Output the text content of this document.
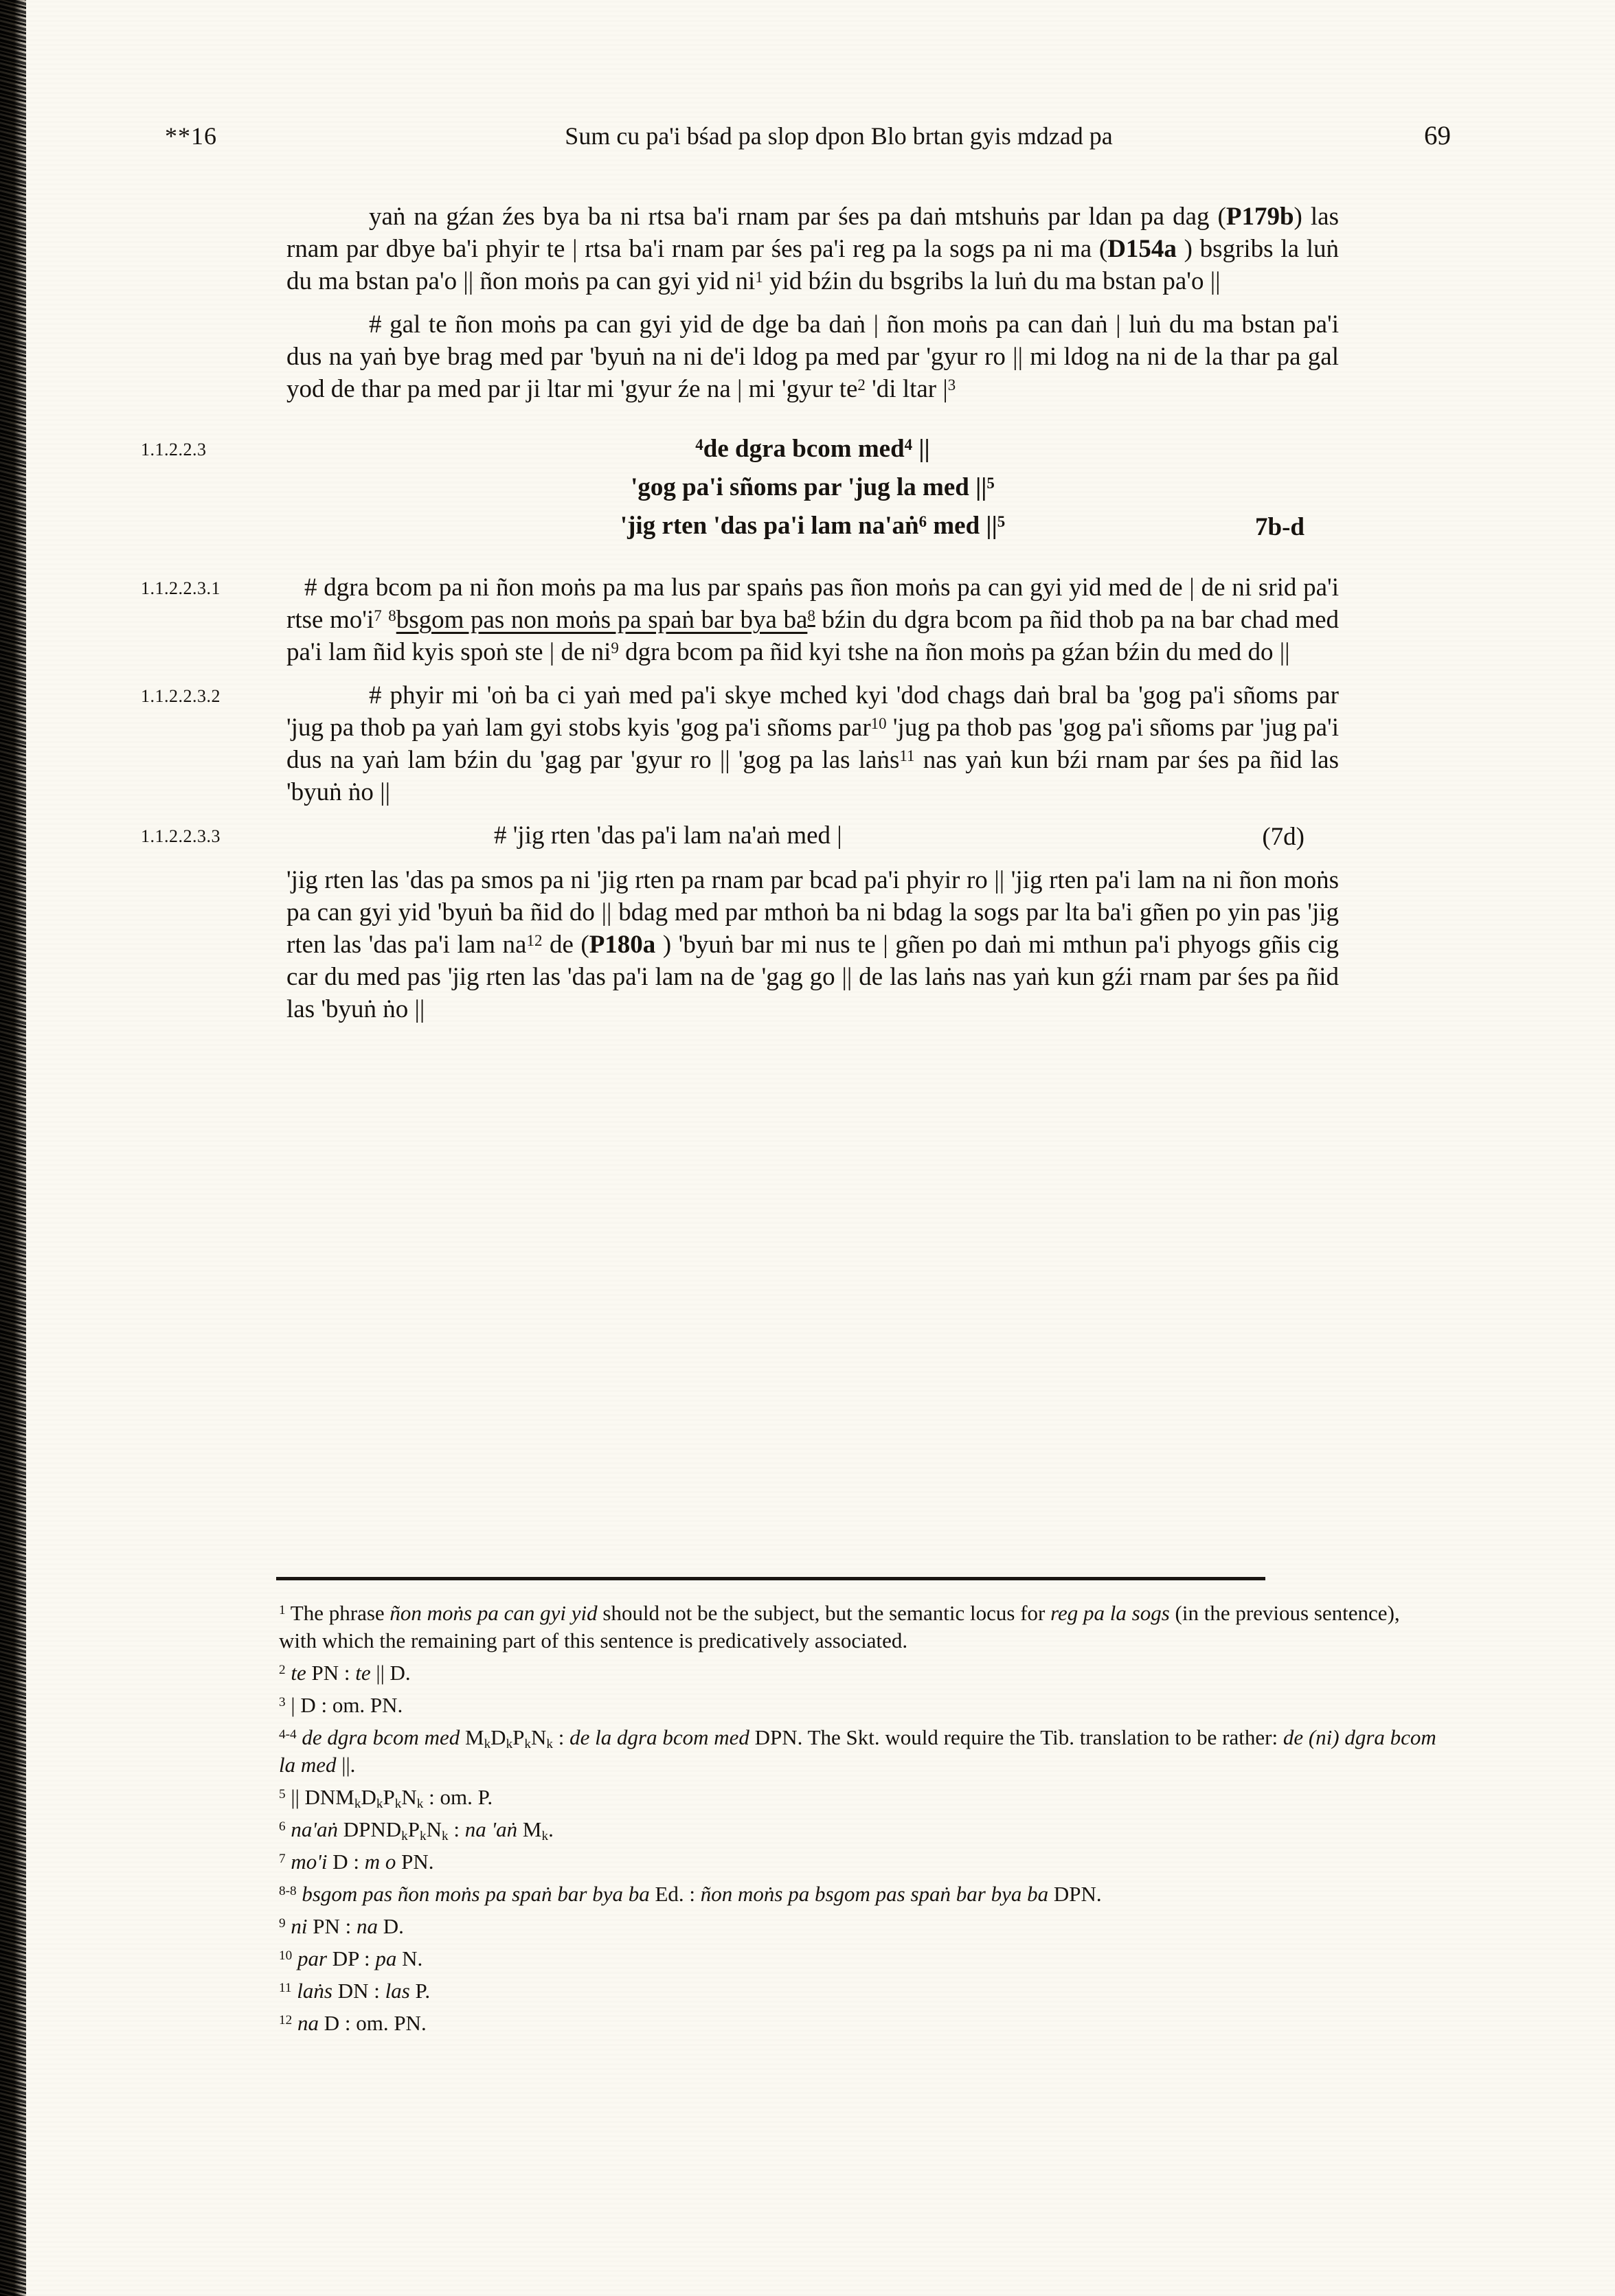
**16	Sum cu pa'i bśad pa slop dpon Blo brtan gyis mdzad pa	69

yaṅ na gźan źes bya ba ni rtsa ba'i rnam par śes pa daṅ mtshuṅs par ldan pa dag (P179b) las rnam par dbye ba'i phyir te | rtsa ba'i rnam par śes pa'i reg pa la sogs pa ni ma (D154a ) bsgribs la luṅ du ma bstan pa'o || ñon moṅs pa can gyi yid $ni^1$ yid bźin du bsgribs la luṅ du ma bstan pa'o ||

# gal te ñon moṅs pa can gyi yid de dge ba daṅ | ñon moṅs pa can daṅ | luṅ du ma bstan pa'i dus na yaṅ bye brag med par 'byuṅ na ni de'i ldog pa med par 'gyur ro || mi ldog na ni de la thar pa gal yod de thar pa med par ji ltar mi 'gyur źe na | mi 'gyur $te^2$ 'di ltar $|^3$

1.1.2.2.3	$^4$de dgra bcom med$^4$ ||
'gog pa'i sñoms par 'jug la med $||^5$
'jig rten 'das pa'i lam na'aṅ$^6$ med $||^5$	7b-d

1.1.2.2.3.1	# dgra bcom pa ni ñon moṅs pa ma lus par spaṅs pas ñon moṅs pa can gyi yid med de | de ni srid pa'i rtse $mo'i^7$ $^8$bsgom pas non moṅs pa spaṅ bar bya $ba^8$ bźin du dgra bcom pa ñid thob pa na bar chad med pa'i lam ñid kyis spoṅ ste | de $ni^9$ dgra bcom pa ñid kyi tshe na ñon moṅs pa gźan bźin du med do ||

1.1.2.2.3.2	# phyir mi 'oṅ ba ci yaṅ med pa'i skye mched kyi 'dod chags daṅ bral ba 'gog pa'i sñoms par 'jug pa thob pa yaṅ lam gyi stobs kyis 'gog pa'i sñoms par$^{10}$ 'jug pa thob pas 'gog pa'i sñoms par 'jug pa'i dus na yaṅ lam bźin du 'gag par 'gyur ro || 'gog pa las laṅs$^{11}$ nas yaṅ kun bźi rnam par śes pa ñid las 'byuṅ ṅo ||

1.1.2.2.3.3	# 'jig rten 'das pa'i lam na'aṅ med |	(7d)

'jig rten las 'das pa smos pa ni 'jig rten pa rnam par bcad pa'i phyir ro || 'jig rten pa'i lam na ni ñon moṅs pa can gyi yid 'byuṅ ba ñid do || bdag med par mthoṅ ba ni bdag la sogs par lta ba'i gñen po yin pas 'jig rten las 'das pa'i lam $na^{12}$ de (P180a ) 'byuṅ bar mi nus te | gñen po daṅ mi mthun pa'i phyogs gñis cig car du med pas 'jig rten las 'das pa'i lam na de 'gag go || de las laṅs nas yaṅ kun gźi rnam par śes pa ñid las 'byuṅ ṅo ||

$^1$ The phrase ñon moṅs pa can gyi yid should not be the subject, but the semantic locus for reg pa la sogs (in the previous sentence), with which the remaining part of this sentence is predicatively associated.

$^2$ te PN : te || D.

$^3$ | D : om. PN.

$^{4-4}$ de dgra bcom med MkDkPkNk : de la dgra bcom med DPN. The Skt. would require the Tib. translation to be rather: de (ni) dgra bcom la med ||.

$^5$ || DNMkDkPkNk : om. P.

$^6$ na'aṅ DPNDkPkNk : na 'aṅ Mk.

$^7$ mo'i D : m o PN.

$^{8-8}$ bsgom pas ñon moṅs pa spaṅ bar bya ba Ed. : ñon moṅs pa bsgom pas spaṅ bar bya ba DPN.

$^9$ ni PN : na D.

$^{10}$ par DP : pa N.

$^{11}$ laṅs DN : las P.

$^{12}$ na D : om. PN.
